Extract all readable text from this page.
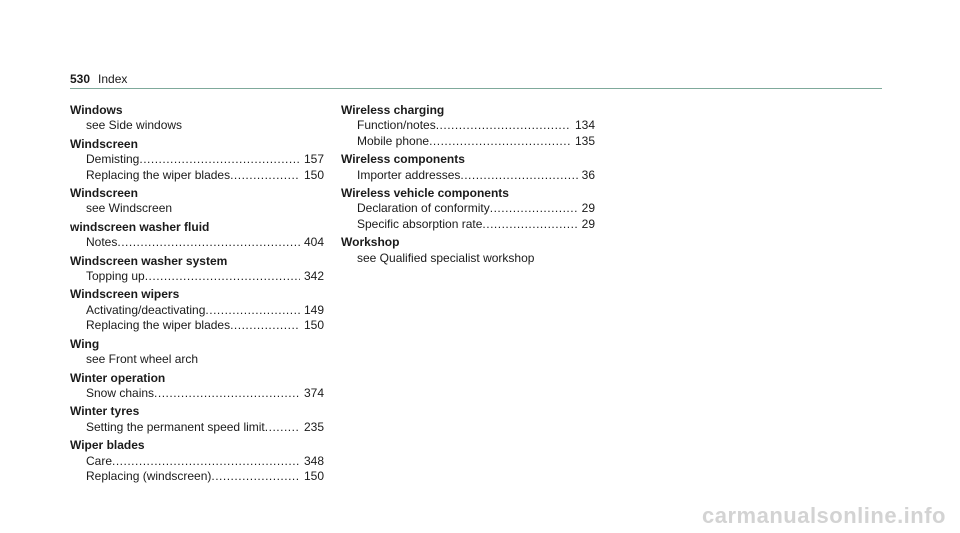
530 Index
Windows
see Side windows
Windscreen
Demisting .....	157
Replacing the wiper blades .....	150
Windscreen
see Windscreen
windscreen washer fluid
Notes .....	404
Windscreen washer system
Topping up .....	342
Windscreen wipers
Activating/deactivating .....	149
Replacing the wiper blades .....	150
Wing
see Front wheel arch
Winter operation
Snow chains .....	374
Winter tyres
Setting the permanent speed limit .....	235
Wiper blades
Care .....	348
Replacing (windscreen) .....	150
Wireless charging
Function/notes .....	134
Mobile phone .....	135
Wireless components
Importer addresses .....	36
Wireless vehicle components
Declaration of conformity .....	29
Specific absorption rate .....	29
Workshop
see Qualified specialist workshop
carmanualsonline.info
